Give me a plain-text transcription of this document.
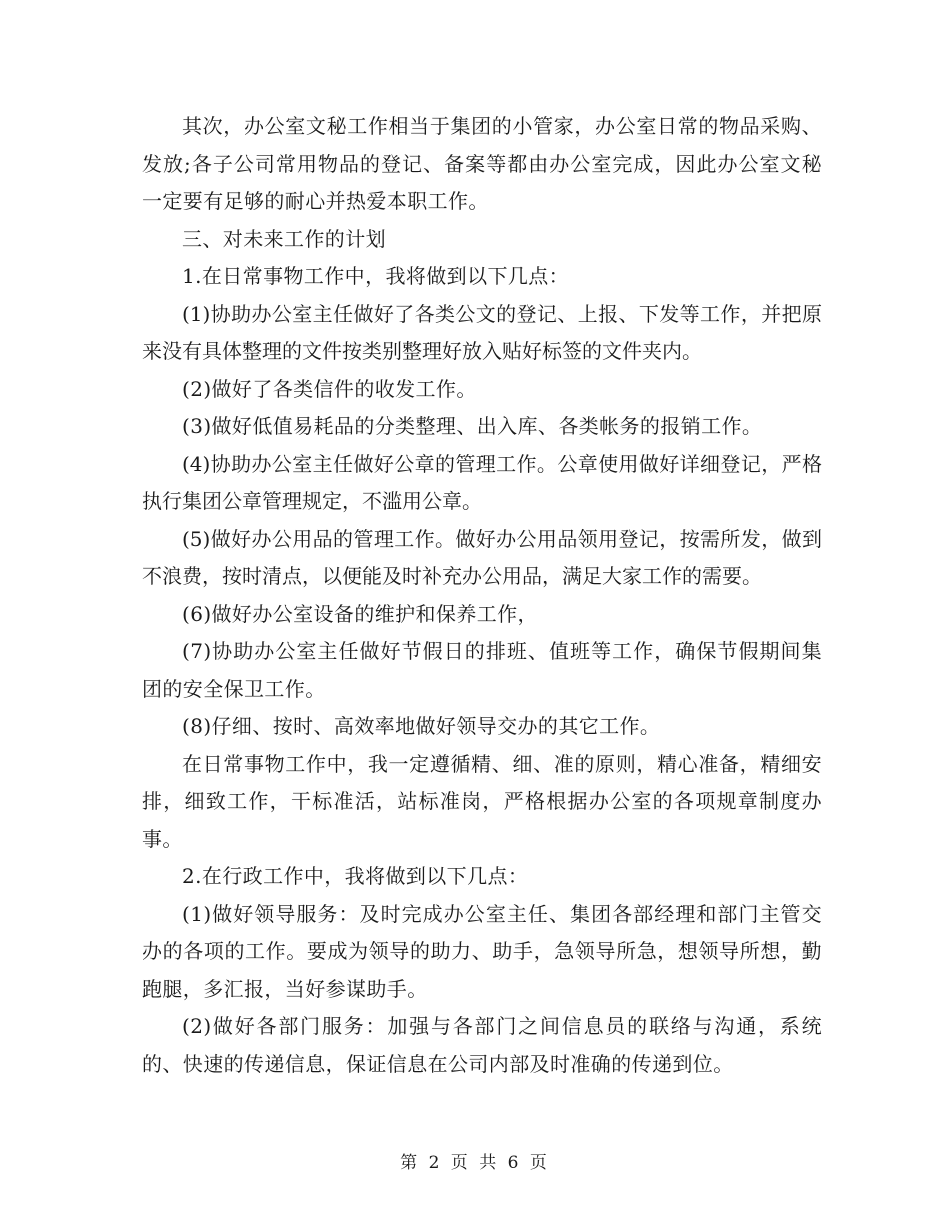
其次，办公室文秘工作相当于集团的小管家，办公室日常的物品采购、发放;各子公司常用物品的登记、备案等都由办公室完成，因此办公室文秘一定要有足够的耐心并热爱本职工作。

三、对未来工作的计划

1.在日常事物工作中，我将做到以下几点：

(1)协助办公室主任做好了各类公文的登记、上报、下发等工作，并把原来没有具体整理的文件按类别整理好放入贴好标签的文件夹内。

(2)做好了各类信件的收发工作。

(3)做好低值易耗品的分类整理、出入库、各类帐务的报销工作。

(4)协助办公室主任做好公章的管理工作。公章使用做好详细登记，严格执行集团公章管理规定，不滥用公章。

(5)做好办公用品的管理工作。做好办公用品领用登记，按需所发，做到不浪费，按时清点，以便能及时补充办公用品，满足大家工作的需要。

(6)做好办公室设备的维护和保养工作，

(7)协助办公室主任做好节假日的排班、值班等工作，确保节假期间集团的安全保卫工作。

(8)仔细、按时、高效率地做好领导交办的其它工作。

在日常事物工作中，我一定遵循精、细、准的原则，精心准备，精细安排，细致工作，干标准活，站标准岗，严格根据办公室的各项规章制度办事。

2.在行政工作中，我将做到以下几点：

(1)做好领导服务：及时完成办公室主任、集团各部经理和部门主管交办的各项的工作。要成为领导的助力、助手，急领导所急，想领导所想，勤跑腿，多汇报，当好参谋助手。

(2)做好各部门服务：加强与各部门之间信息员的联络与沟通，系统的、快速的传递信息，保证信息在公司内部及时准确的传递到位。

第 2 页 共 6 页
